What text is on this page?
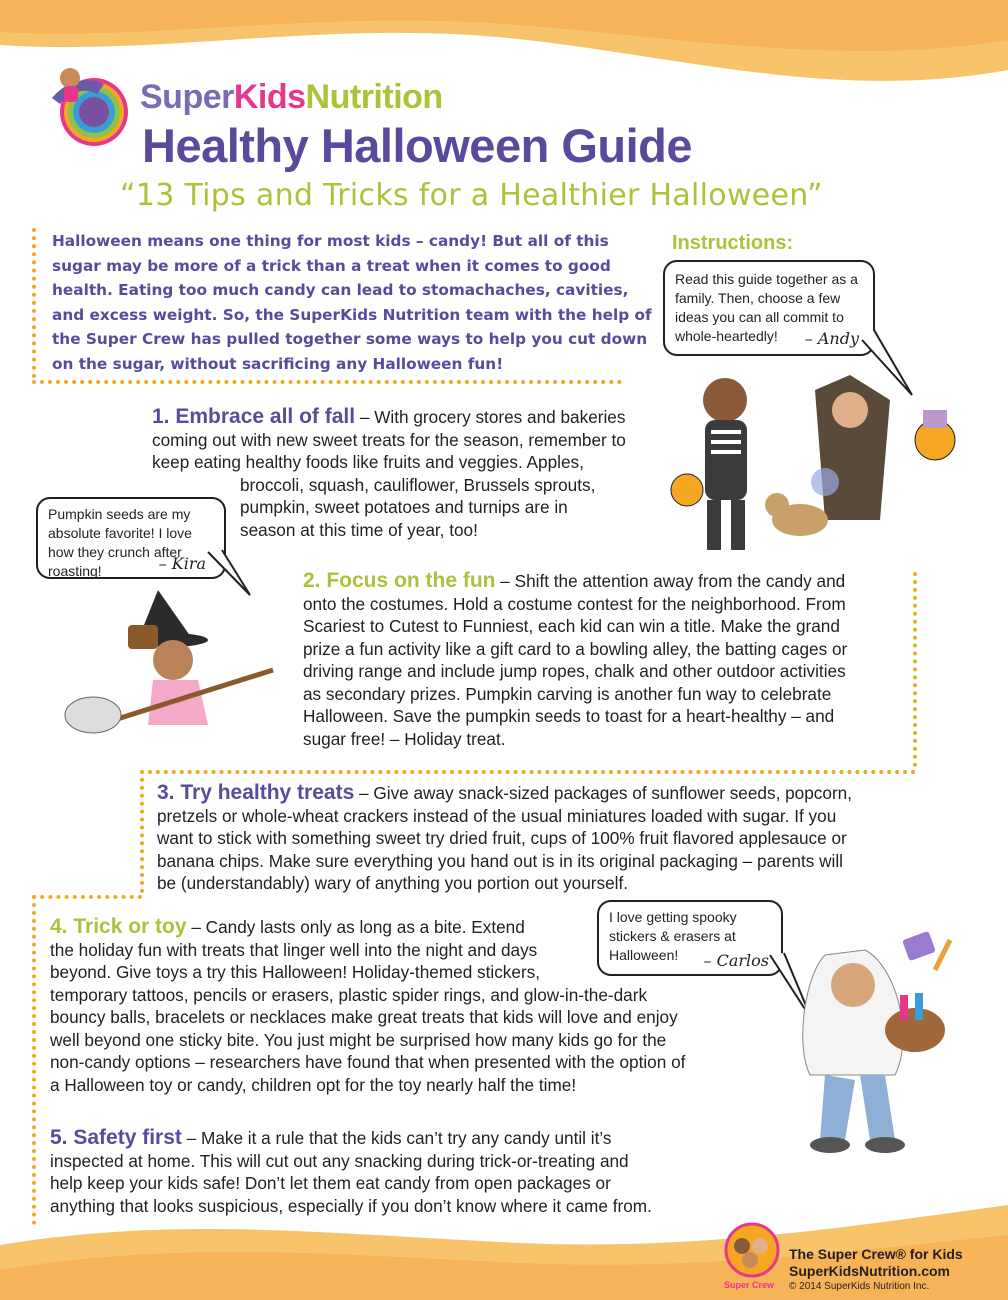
SuperKidsNutrition
Healthy Halloween Guide
“13 Tips and Tricks for a Healthier Halloween”
Halloween means one thing for most kids – candy! But all of this sugar may be more of a trick than a treat when it comes to good health. Eating too much candy can lead to stomachaches, cavities, and excess weight. So, the SuperKids Nutrition team with the help of the Super Crew has pulled together some ways to help you cut down on the sugar, without sacrificing any Halloween fun!
Instructions:
Read this guide together as a family. Then, choose a few ideas you can all commit to whole-heartedly!	– Andy
1. Embrace all of fall – With grocery stores and bakeries
coming out with new sweet treats for the season, remember to
keep eating healthy foods like fruits and veggies. Apples,
broccoli, squash, cauliflower, Brussels sprouts,
pumpkin, sweet potatoes and turnips are in
season at this time of year, too!
Pumpkin seeds are my absolute favorite! I love how they crunch after roasting!	– Kira
2. Focus on the fun – Shift the attention away from the candy and
onto the costumes. Hold a costume contest for the neighborhood. From
Scariest to Cutest to Funniest, each kid can win a title. Make the grand
prize a fun activity like a gift card to a bowling alley, the batting cages or
driving range and include jump ropes, chalk and other outdoor activities
as secondary prizes. Pumpkin carving is another fun way to celebrate
Halloween. Save the pumpkin seeds to toast for a heart-healthy – and
sugar free! – Holiday treat.
3. Try healthy treats – Give away snack-sized packages of sunflower seeds, popcorn,
pretzels or whole-wheat crackers instead of the usual miniatures loaded with sugar. If you
want to stick with something sweet try dried fruit, cups of 100% fruit flavored applesauce or
banana chips. Make sure everything you hand out is in its original packaging – parents will
be (understandably) wary of anything you portion out yourself.
4. Trick or toy – Candy lasts only as long as a bite. Extend
the holiday fun with treats that linger well into the night and days
beyond. Give toys a try this Halloween! Holiday-themed stickers,
temporary tattoos, pencils or erasers, plastic spider rings, and glow-in-the-dark
bouncy balls, bracelets or necklaces make great treats that kids will love and enjoy
well beyond one sticky bite. You just might be surprised how many kids go for the
non-candy options – researchers have found that when presented with the option of
a Halloween toy or candy, children opt for the toy nearly half the time!
I love getting spooky stickers & erasers at Halloween!	– Carlos
5. Safety first – Make it a rule that the kids can’t try any candy until it’s
inspected at home. This will cut out any snacking during trick-or-treating and
help keep your kids safe! Don’t let them eat candy from open packages or
anything that looks suspicious, especially if you don’t know where it came from.
Super Crew
The Super Crew® for Kids
SuperKidsNutrition.com
© 2014 SuperKids Nutrition Inc.
